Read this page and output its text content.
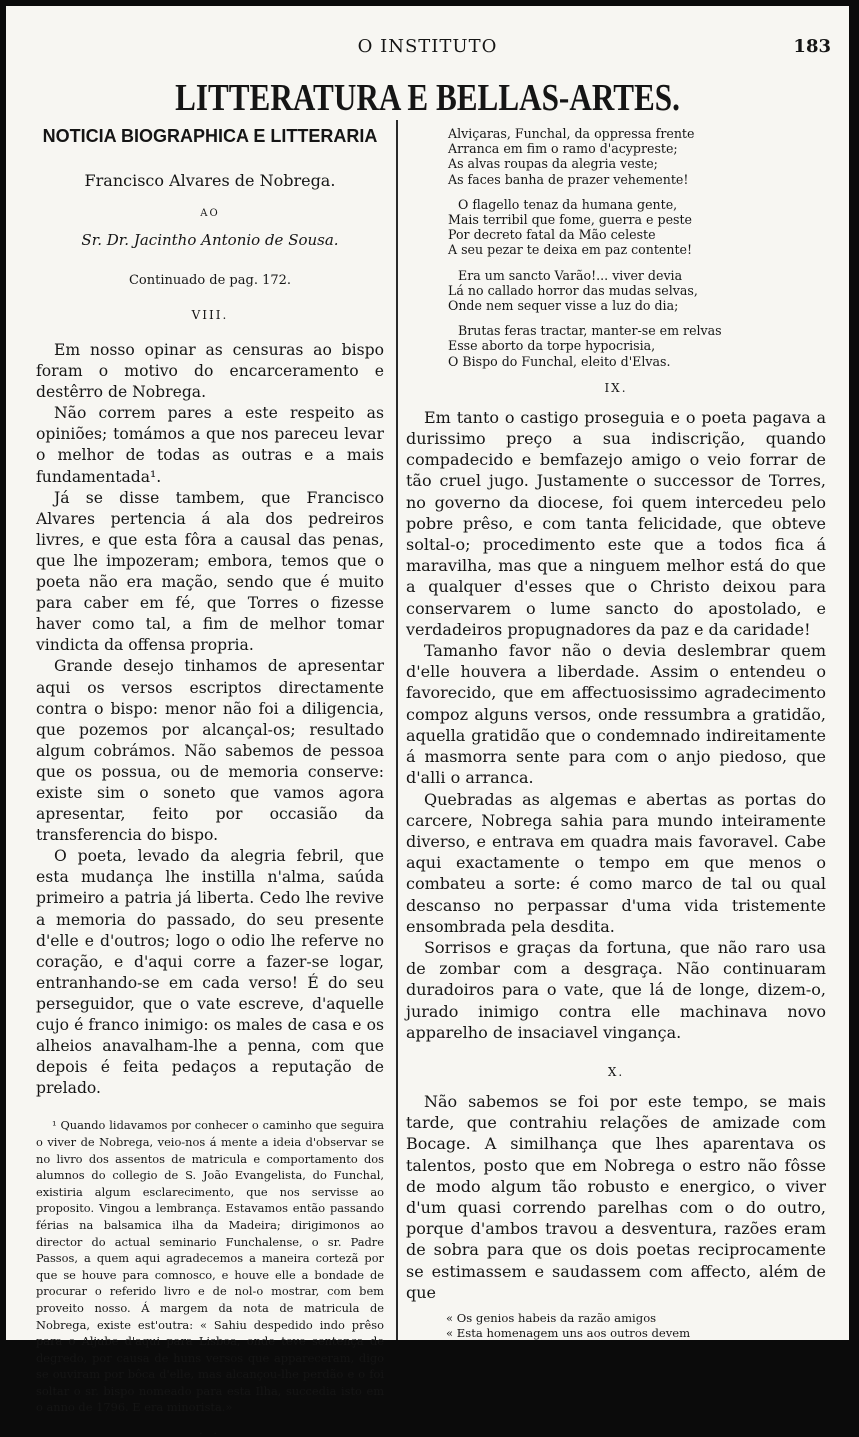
O INSTITUTO	183
LITTERATURA E BELLAS-ARTES.
NOTICIA BIOGRAPHICA E LITTERARIA
Francisco Alvares de Nobrega.
AO
Sr. Dr. Jacintho Antonio de Sousa.
Continuado de pag. 172.
VIII.

Em nosso opinar as censuras ao bispo foram o motivo do encarceramento e destêrro de Nobrega.

Não correm pares a este respeito as opiniões; tomámos a que nos pareceu levar o melhor de todas as outras e a mais fundamentada¹.

Já se disse tambem, que Francisco Alvares pertencia á ala dos pedreiros livres, e que esta fôra a causal das penas, que lhe impozeram; embora, temos que o poeta não era mação, sendo que é muito para caber em fé, que Torres o fizesse haver como tal, a fim de melhor tomar vindicta da offensa propria.

Grande desejo tinhamos de apresentar aqui os versos escriptos directamente contra o bispo: menor não foi a diligencia, que pozemos por alcançal-os; resultado algum cobrámos. Não sabemos de pessoa que os possua, ou de memoria conserve: existe sim o soneto que vamos agora apresentar, feito por occasião da transferencia do bispo.

O poeta, levado da alegria febril, que esta mudança lhe instilla n'alma, saúda primeiro a patria já liberta. Cedo lhe revive a memoria do passado, do seu presente d'elle e d'outros; logo o odio lhe referve no coração, e d'aqui corre a fazer-se logar, entranhando-se em cada verso! É do seu perseguidor, que o vate escreve, d'aquelle cujo é franco inimigo: os males de casa e os alheios anavalham-lhe a penna, com que depois é feita pedaços a reputação de prelado.

¹ Quando lidavamos por conhecer o caminho que seguira o viver de Nobrega, veio-nos á mente a ideia d'observar se no livro dos assentos de matricula e comportamento dos alumnos do collegio de S. João Evangelista, do Funchal, existiria algum esclarecimento, que nos servisse ao proposito. Vingou a lembrança. Estavamos então passando férias na balsamica ilha da Madeira; dirigimonos ao director do actual seminario Funchalense, o sr. Padre Passos, a quem aqui agradecemos a maneira cortezã por que se houve para comnosco, e houve elle a bondade de procurar o referido livro e de nol-o mostrar, com bem proveito nosso. Á margem da nota de matricula de Nobrega, existe est'outra: « Sahiu despedido indo prêso para o Aljube d'aqui para Lisboa, onde teve sentença de degredo, por causa de huns versos que appareceram, digo se ouviram por bôca d'elle, mas alcançou-lhe perdão e o foi soltar o sr. bispo nomeado para esta Ilha, succedia isto em o anno de 1796. E era minorista.»

. .
Alviçaras, Funchal, da oppressa frente
Arranca em fim o ramo d'acypreste;
As alvas roupas da alegria veste;
As faces banha de prazer vehemente!
O flagello tenaz da humana gente,
Mais terribil que fome, guerra e peste
Por decreto fatal da Mão celeste
A seu pezar te deixa em paz contente!
Era um sancto Varão!... viver devia
Lá no callado horror das mudas selvas,
Onde nem sequer visse a luz do dia;
Brutas feras tractar, manter-se em relvas
Esse aborto da torpe hypocrisia,
O Bispo do Funchal, eleito d'Elvas.
IX.

Em tanto o castigo proseguia e o poeta pagava a durissimo preço a sua indiscrição, quando compadecido e bemfazejo amigo o veio forrar de tão cruel jugo. Justamente o successor de Torres, no governo da diocese, foi quem intercedeu pelo pobre prêso, e com tanta felicidade, que obteve soltal-o; procedimento este que a todos fica á maravilha, mas que a ninguem melhor está do que a qualquer d'esses que o Christo deixou para conservarem o lume sancto do apostolado, e verdadeiros propugnadores da paz e da caridade!

Tamanho favor não o devia deslembrar quem d'elle houvera a liberdade. Assim o entendeu o favorecido, que em affectuosissimo agradecimento compoz alguns versos, onde ressumbra a gratidão, aquella gratidão que o condemnado indireitamente á masmorra sente para com o anjo piedoso, que d'alli o arranca.

Quebradas as algemas e abertas as portas do carcere, Nobrega sahia para mundo inteiramente diverso, e entrava em quadra mais favoravel. Cabe aqui exactamente o tempo em que menos o combateu a sorte: é como marco de tal ou qual descanso no perpassar d'uma vida tristemente ensombrada pela desdita.

Sorrisos e graças da fortuna, que não raro usa de zombar com a desgraça. Não continuaram duradoiros para o vate, que lá de longe, dizem-o, jurado inimigo contra elle machinava novo apparelho de insaciavel vingança.

X.

Não sabemos se foi por este tempo, se mais tarde, que contrahiu relações de amizade com Bocage. A similhança que lhes aparentava os talentos, posto que em Nobrega o estro não fôsse de modo algum tão robusto e energico, o viver d'um quasi correndo parelhas com o do outro, porque d'ambos travou a desventura, razões eram de sobra para que os dois poetas reciprocamente se estimassem e saudassem com affecto, além de que

« Os genios habeis da razão amigos
« Esta homenagem uns aos outros devem
